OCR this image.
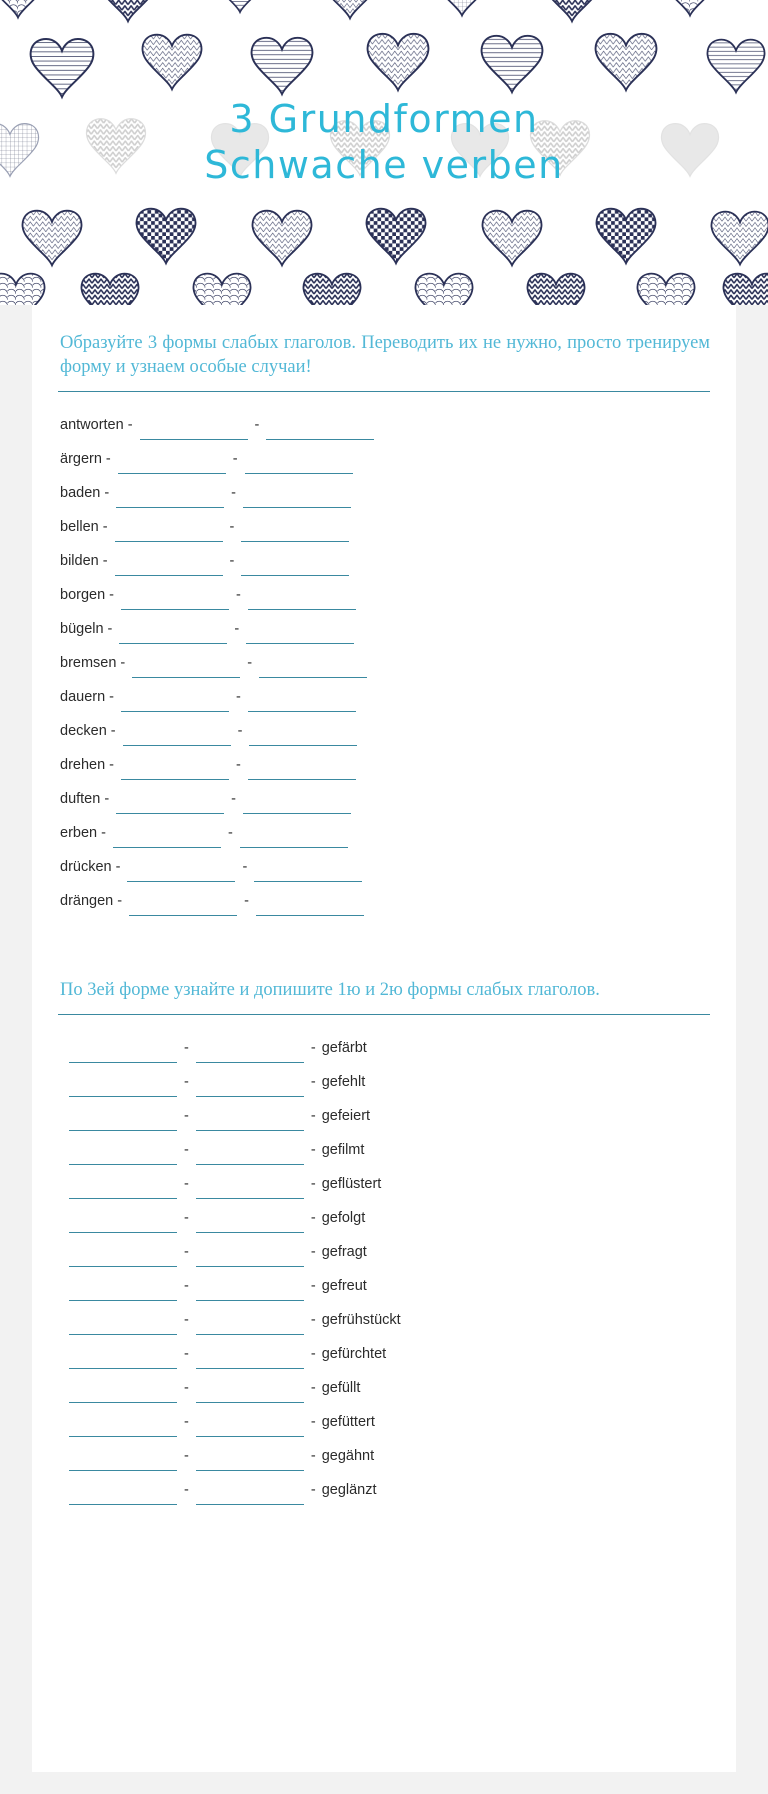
3 Grundformen
Schwache verben

Образуйте 3 формы слабых глаголов. Переводить их не нужно, просто тренируем форму и узнаем особые случаи!

antworten -	-
ärgern -	-
baden -	-
bellen -	-
bilden -	-
borgen -	-
bügeln -	-
bremsen -	-
dauern -	-
decken -	-
drehen -	-
duften -	-
erben -	-
drücken -	-
drängen -	-

По 3ей форме узнайте и допишите 1ю и 2ю формы слабых глаголов.

-	- gefärbt
-	- gefehlt
-	- gefeiert
-	- gefilmt
-	- geflüstert
-	- gefolgt
-	- gefragt
-	- gefreut
-	- gefrühstückt
-	- gefürchtet
-	- gefüllt
-	- gefüttert
-	- gegähnt
-	- geglänzt
